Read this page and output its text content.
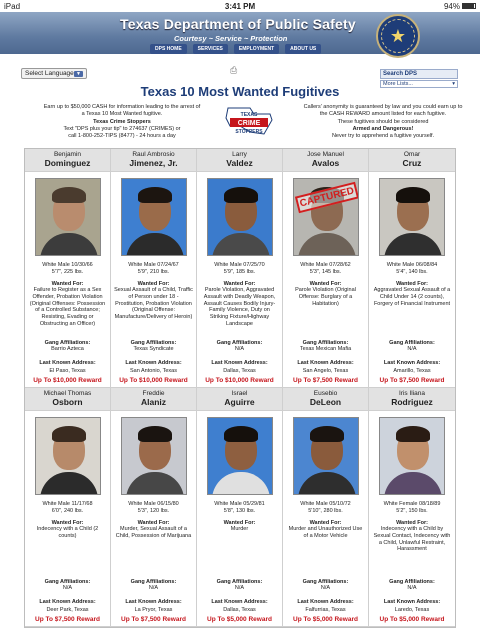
iPad	3:41 PM	94%
Texas Department of Public Safety
Courtesy ~ Service ~ Protection	★
DPS HOME	SERVICES	EMPLOYMENT	ABOUT US
Select Language ▼	⎙	Search DPS
More Lists...	▾
Texas 10 Most Wanted Fugitives
Earn up to $50,000 CASH for information leading to the arrest of
a Texas 10 Most Wanted fugitive.
Texas Crime Stoppers
Text "DPS plus your tip" to 274637 (CRIMES) or
call 1-800-252-TIPS (8477) - 24 hours a day
TEXAS
CRIME
STOPPERS
Callers' anonymity is guaranteed by law and you could earn up to
the CASH REWARD amount listed for each fugitive.
These fugitives should be considered
Armed and Dangerous!
Never try to apprehend a fugitive yourself.
Benjamin
Dominguez
White Male 10/30/66
5'7", 225 lbs.
Wanted For:
Failure to Register as a Sex Offender, Probation Violation (Original Offenses: Possession of a Controlled Substance; Resisting, Evading or Obstructing an Officer)
Gang Affiliations:
Barrio Azteca
Last Known Address:
El Paso, Texas
Up To $10,000 Reward
Raul Ambrosio
Jimenez, Jr.
White Male 07/24/67
5'9", 210 lbs.
Wanted For:
Sexual Assault of a Child, Traffic of Person under 18 - Prostitution, Probation Violation (Original Offense: Manufacture/Delivery of Heroin)
Gang Affiliations:
Texas Syndicate
Last Known Address:
San Antonio, Texas
Up To $10,000 Reward
Larry
Valdez
White Male 07/25/70
5'9", 185 lbs.
Wanted For:
Parole Violation, Aggravated Assault with Deadly Weapon, Assault Causes Bodily Injury-Family Violence, Duty on Striking Fixture/Highway Landscape
Gang Affiliations:
N/A
Last Known Address:
Dallas, Texas
Up To $10,000 Reward
Jose Manuel
Avalos
CAPTURED
White Male 07/28/62
5'3", 145 lbs.
Wanted For:
Parole Violation (Original Offense: Burglary of a Habitation)
Gang Affiliations:
Texas Mexican Mafia
Last Known Address:
San Angelo, Texas
Up To $7,500 Reward
Omar
Cruz
White Male 06/08/84
5'4", 140 lbs.
Wanted For:
Aggravated Sexual Assault of a Child Under 14 (2 counts), Forgery of Financial Instrument
Gang Affiliations:
N/A
Last Known Address:
Amarillo, Texas
Up To $7,500 Reward
Michael Thomas
Osborn
White Male 11/17/68
6'0", 240 lbs.
Wanted For:
Indecency with a Child (2 counts)
Gang Affiliations:
N/A
Last Known Address:
Deer Park, Texas
Up To $7,500 Reward
Freddie
Alaniz
White Male 06/15/80
5'3", 120 lbs.
Wanted For:
Murder, Sexual Assault of a Child, Possession of Marijuana
Gang Affiliations:
N/A
Last Known Address:
La Pryor, Texas
Up To $7,500 Reward
Israel
Aguirre
White Male 05/29/81
5'8", 130 lbs.
Wanted For:
Murder
Gang Affiliations:
N/A
Last Known Address:
Dallas, Texas
Up To $5,000 Reward
Eusebio
DeLeon
White Male 05/10/72
5'10", 280 lbs.
Wanted For:
Murder and Unauthorized Use of a Motor Vehicle
Gang Affiliations:
N/A
Last Known Address:
Falfurrias, Texas
Up To $5,000 Reward
Iris Iliana
Rodriguez
White Female 08/18/89
5'2", 150 lbs.
Wanted For:
Indecency with a Child by Sexual Contact, Indecency with a Child, Unlawful Restraint, Harassment
Gang Affiliations:
N/A
Last Known Address:
Laredo, Texas
Up To $5,000 Reward
